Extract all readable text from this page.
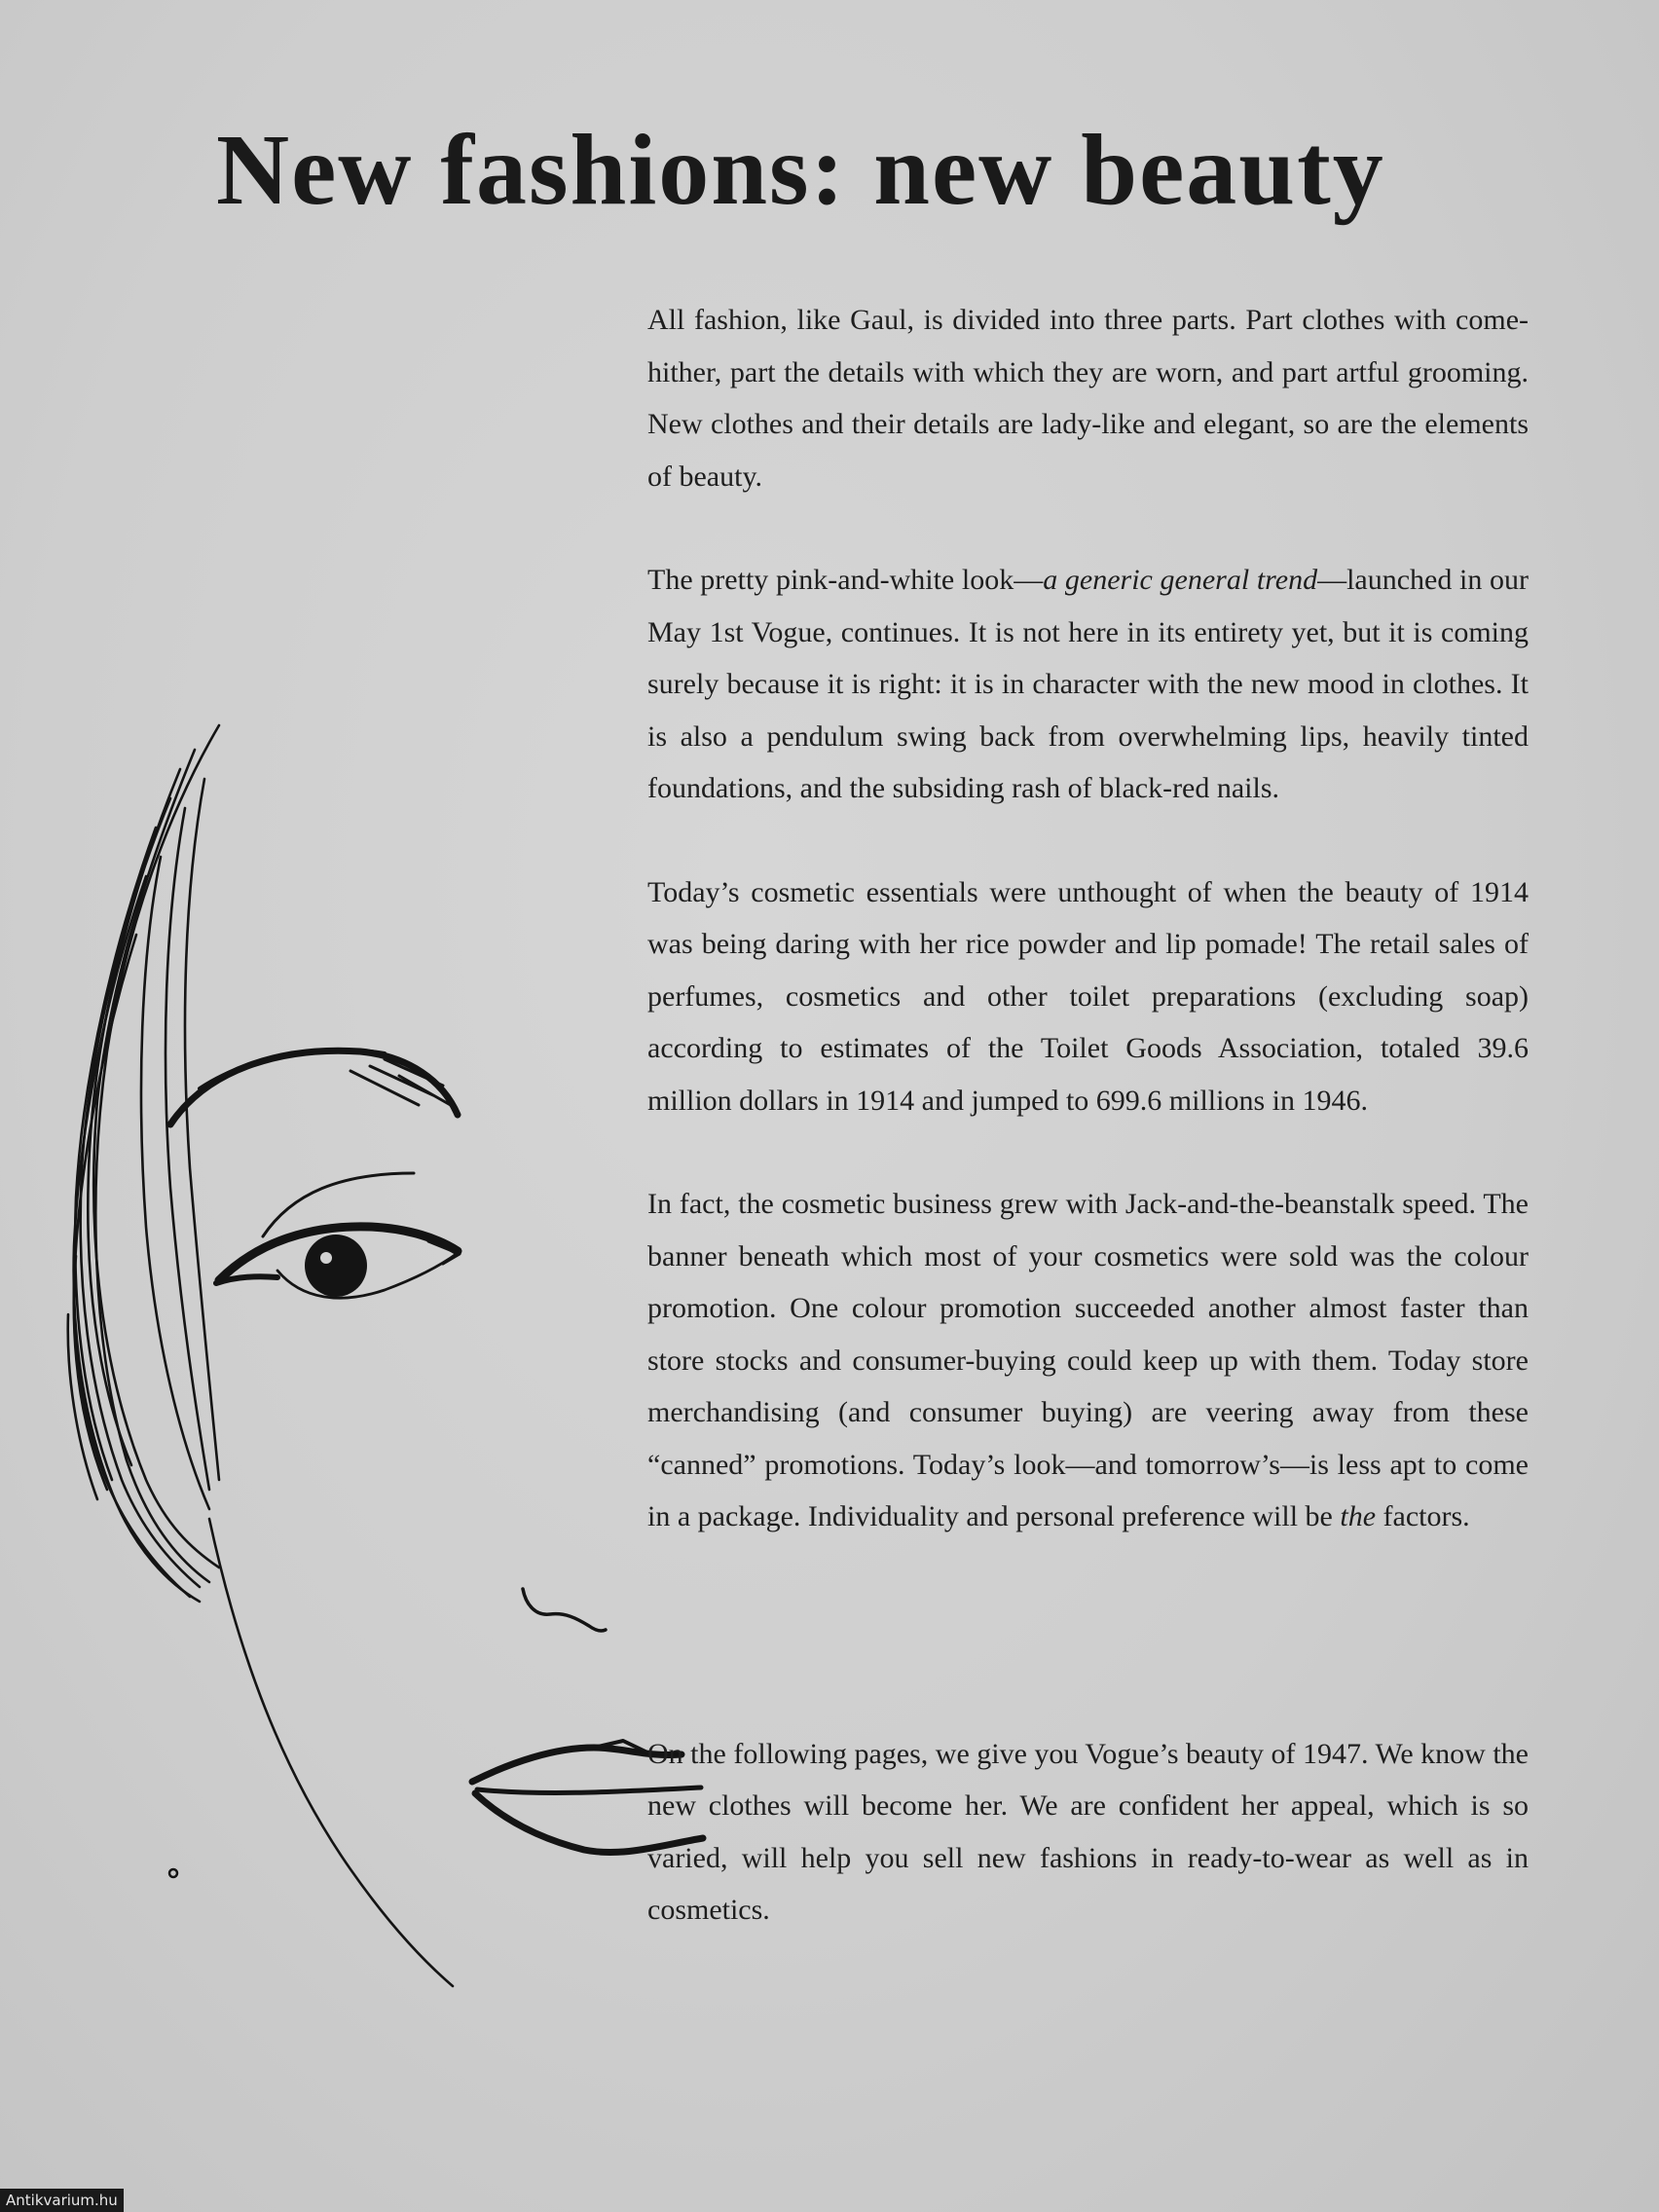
New fashions: new beauty

All fashion, like Gaul, is divided into three parts. Part clothes with come-hither, part the details with which they are worn, and part artful grooming. New clothes and their details are lady-like and elegant, so are the elements of beauty.

The pretty pink-and-white look—a generic general trend—launched in our May 1st Vogue, continues. It is not here in its entirety yet, but it is coming surely because it is right: it is in character with the new mood in clothes. It is also a pendulum swing back from overwhelming lips, heavily tinted foundations, and the subsiding rash of black-red nails.

Today’s cosmetic essentials were unthought of when the beauty of 1914 was being daring with her rice powder and lip pomade! The retail sales of perfumes, cosmetics and other toilet preparations (excluding soap) according to estimates of the Toilet Goods Association, totaled 39.6 million dollars in 1914 and jumped to 699.6 millions in 1946.

In fact, the cosmetic business grew with Jack-and-the-beanstalk speed. The banner beneath which most of your cosmetics were sold was the colour promotion. One colour promotion succeeded another almost faster than store stocks and consumer-buying could keep up with them. Today store merchandising (and consumer buying) are veering away from these “canned” promotions. Today’s look—and tomorrow’s—is less apt to come in a package. Individuality and personal preference will be the factors.

On the following pages, we give you Vogue’s beauty of 1947. We know the new clothes will become her. We are confident her appeal, which is so varied, will help you sell new fashions in ready-to-wear as well as in cosmetics.

Antikvarium.hu
